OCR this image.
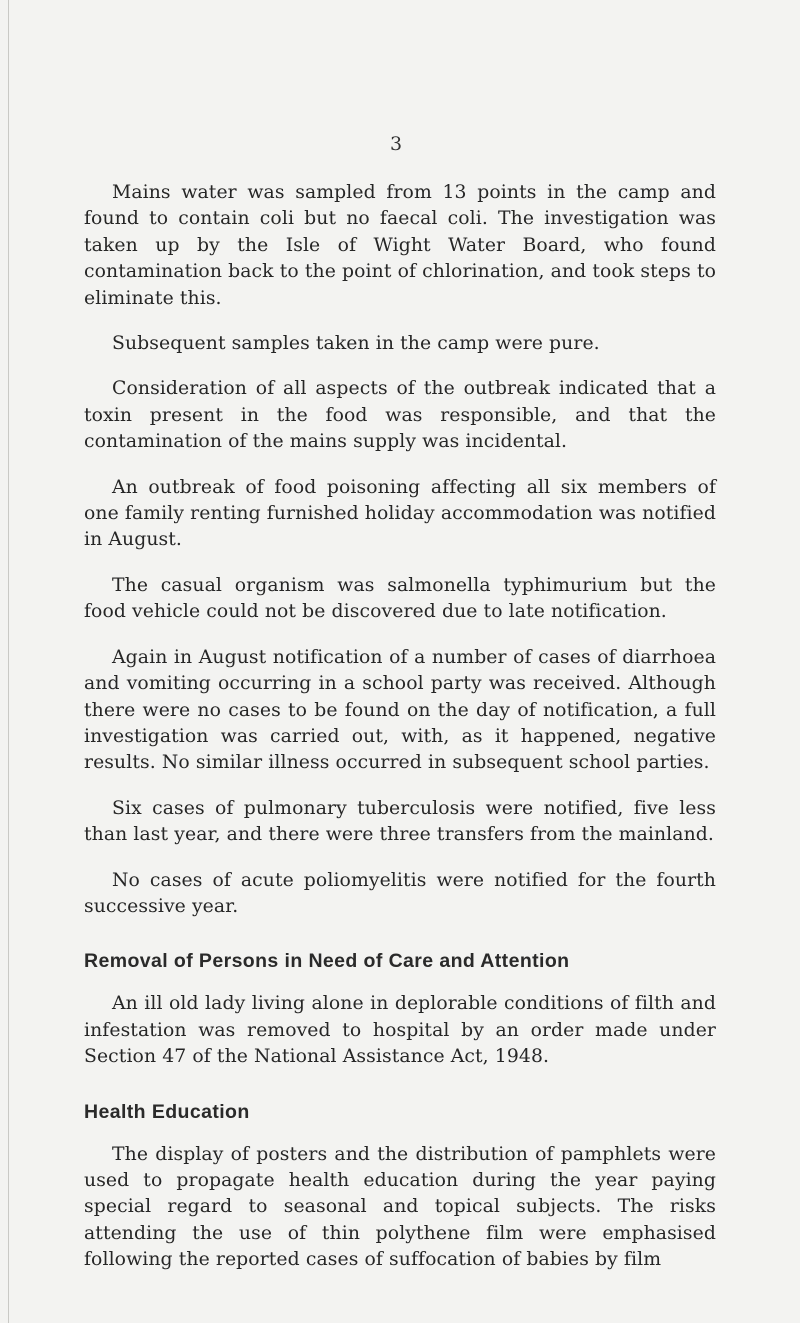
3

Mains water was sampled from 13 points in the camp and found to contain coli but no faecal coli. The investigation was taken up by the Isle of Wight Water Board, who found contamination back to the point of chlorination, and took steps to eliminate this.

Subsequent samples taken in the camp were pure.

Consideration of all aspects of the outbreak indicated that a toxin present in the food was responsible, and that the contamination of the mains supply was incidental.

An outbreak of food poisoning affecting all six members of one family renting furnished holiday accommodation was notified in August.

The casual organism was salmonella typhimurium but the food vehicle could not be discovered due to late notification.

Again in August notification of a number of cases of diarrhoea and vomiting occurring in a school party was received. Although there were no cases to be found on the day of notification, a full investigation was carried out, with, as it happened, negative results. No similar illness occurred in subsequent school parties.

Six cases of pulmonary tuberculosis were notified, five less than last year, and there were three transfers from the mainland.

No cases of acute poliomyelitis were notified for the fourth successive year.

Removal of Persons in Need of Care and Attention

An ill old lady living alone in deplorable conditions of filth and infestation was removed to hospital by an order made under Section 47 of the National Assistance Act, 1948.

Health Education

The display of posters and the distribution of pamphlets were used to propagate health education during the year paying special regard to seasonal and topical subjects. The risks attending the use of thin polythene film were emphasised following the reported cases of suffocation of babies by film
